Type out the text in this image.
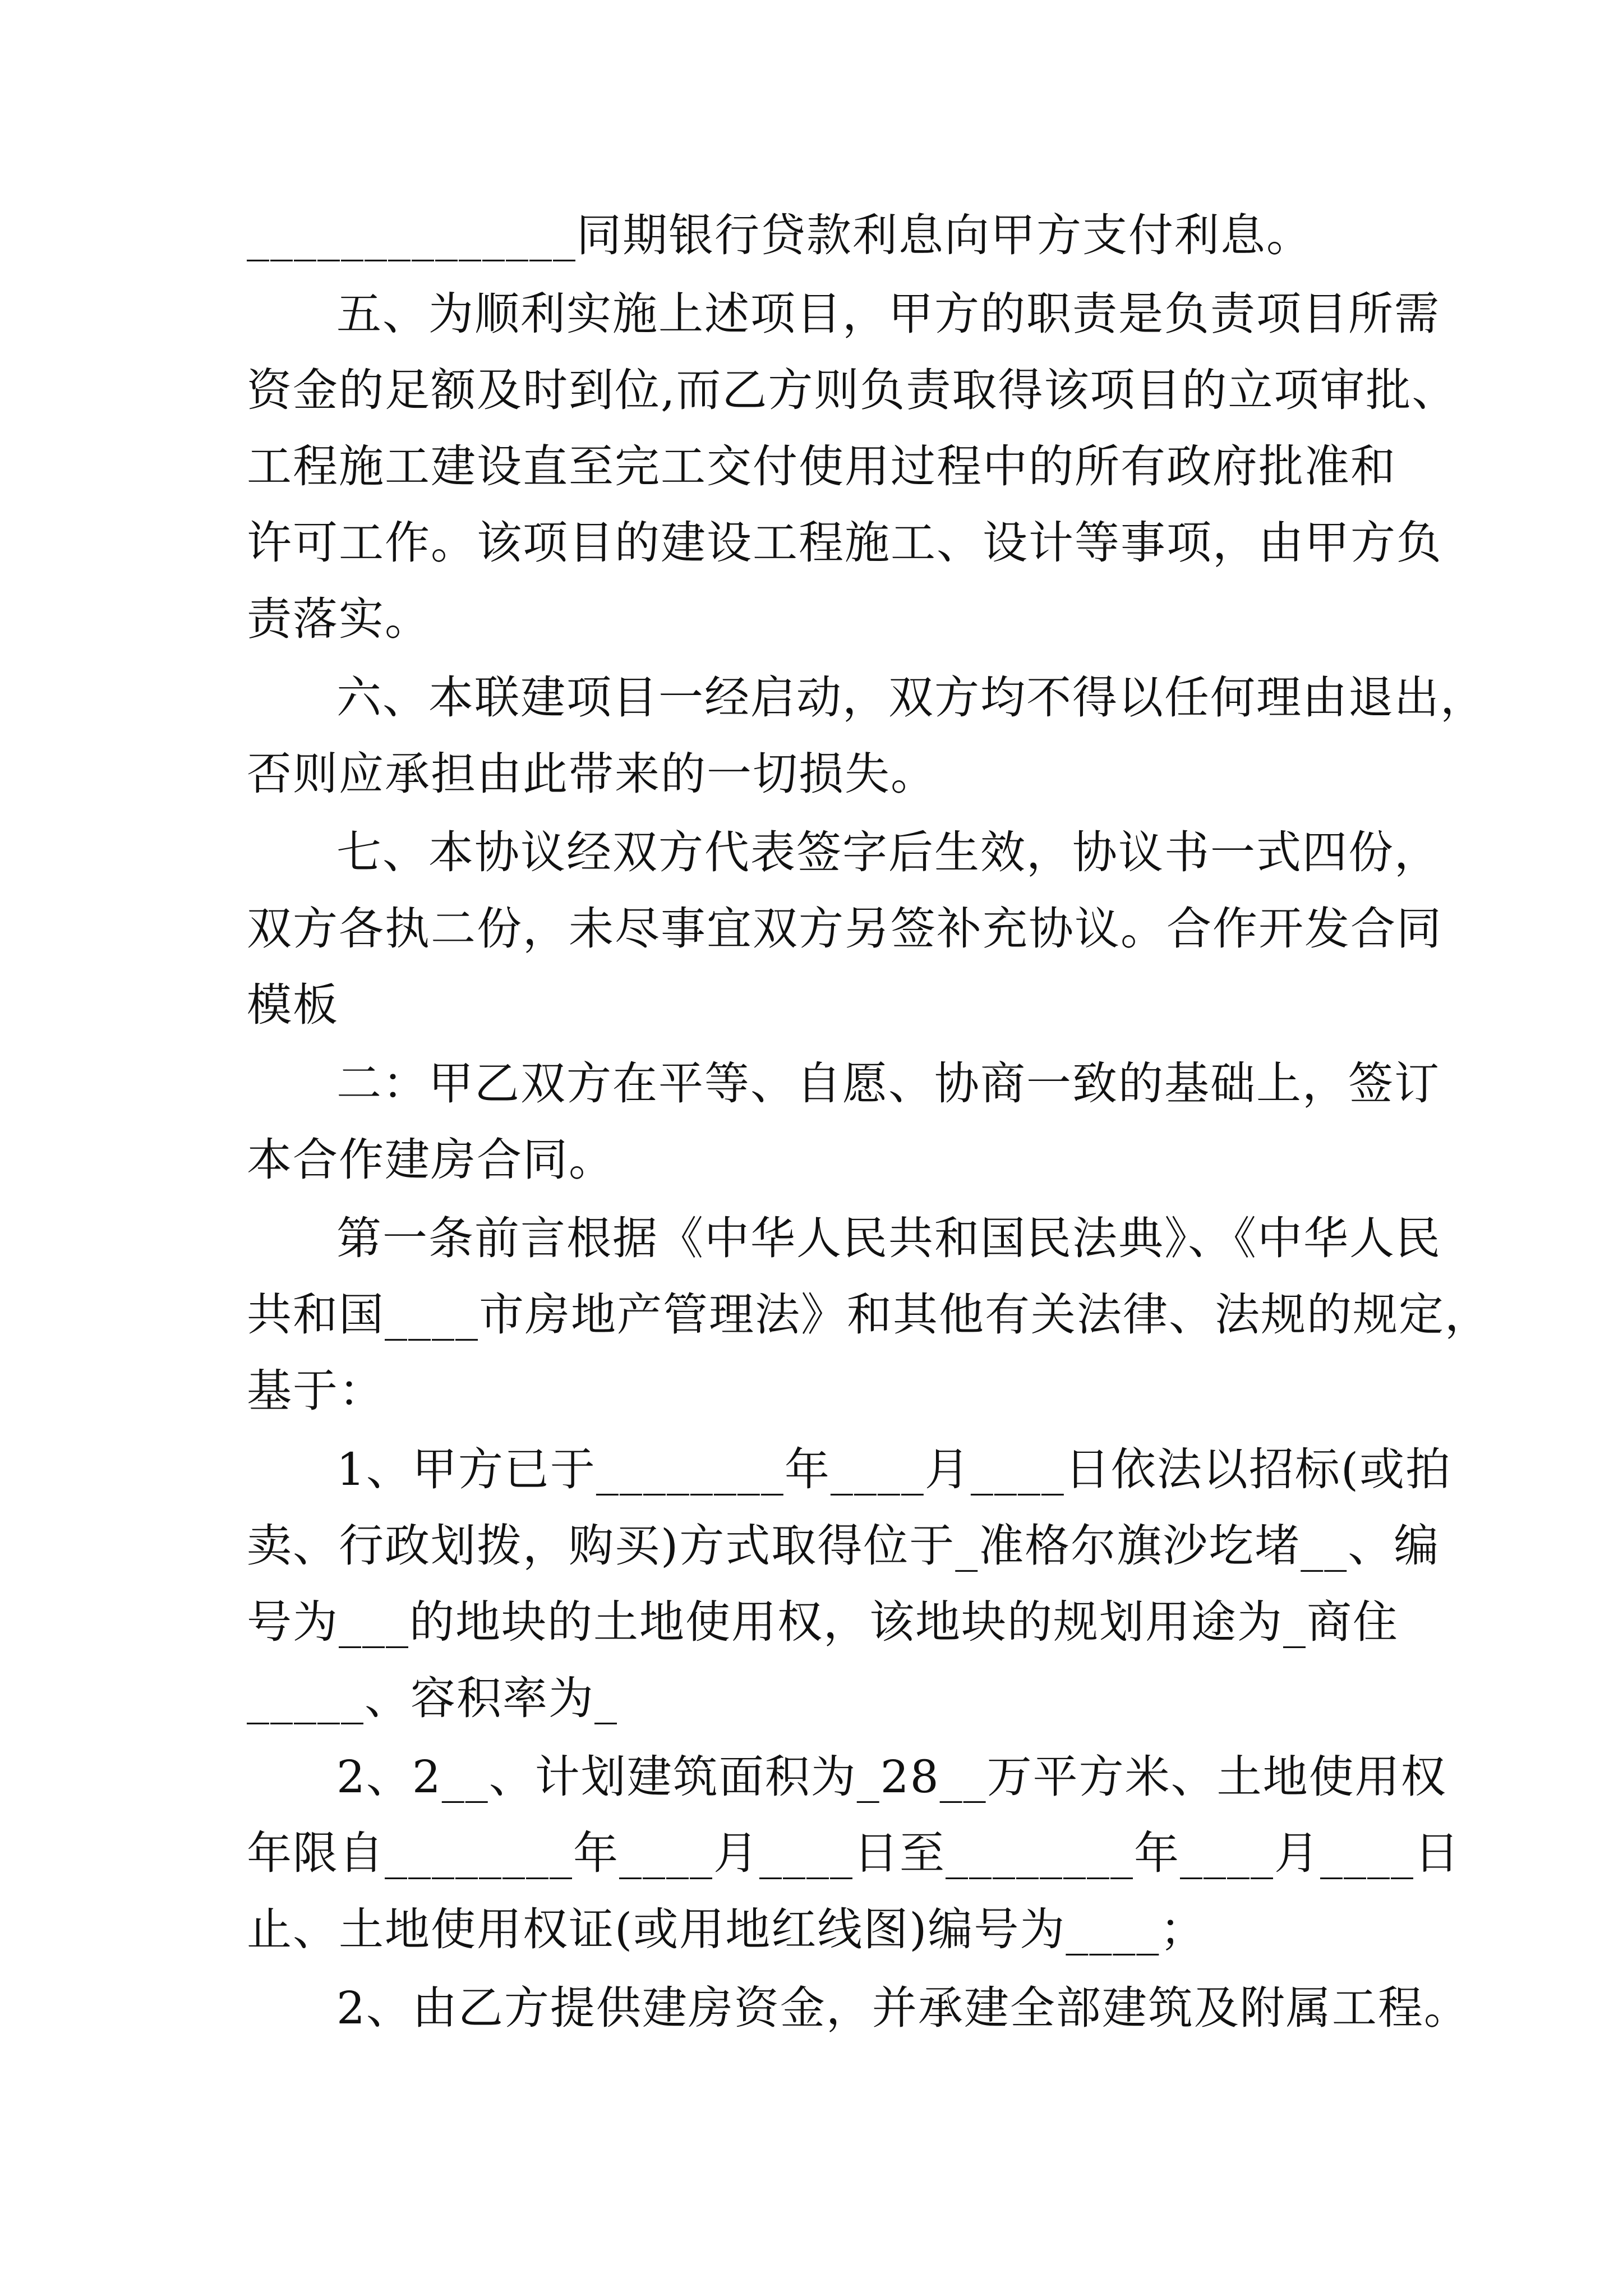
______________同期银行贷款利息向甲方支付利息。
五、为顺利实施上述项目，甲方的职责是负责项目所需
资金的足额及时到位,而乙方则负责取得该项目的立项审批、
工程施工建设直至完工交付使用过程中的所有政府批准和
许可工作。该项目的建设工程施工、设计等事项，由甲方负
责落实。
六、本联建项目一经启动，双方均不得以任何理由退出，
否则应承担由此带来的一切损失。
七、本协议经双方代表签字后生效，协议书一式四份，
双方各执二份，未尽事宜双方另签补充协议。合作开发合同
模板
二：甲乙双方在平等、自愿、协商一致的基础上，签订
本合作建房合同。
第一条前言根据《中华人民共和国民法典》、《中华人民
共和国____市房地产管理法》和其他有关法律、法规的规定，
基于：
1、甲方已于________年____月____日依法以招标(或拍
卖、行政划拨，购买)方式取得位于_准格尔旗沙圪堵__、编
号为___的地块的土地使用权，该地块的规划用途为_商住
_____、容积率为_
2、2__、计划建筑面积为_28__万平方米、土地使用权
年限自________年____月____日至________年____月____日
止、土地使用权证(或用地红线图)编号为____；
2、由乙方提供建房资金，并承建全部建筑及附属工程。
